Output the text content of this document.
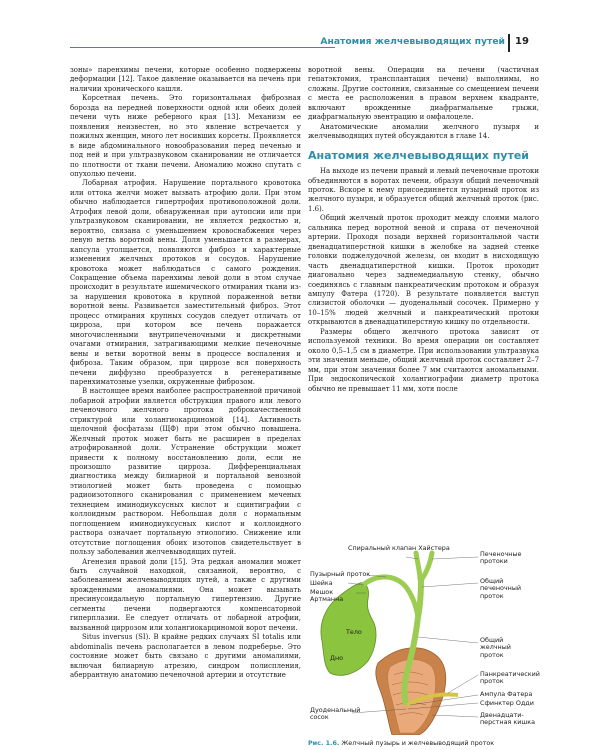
Анатомия желчевыводящих путей 19

зоны» паренхимы печени, которые особенно подвержены деформации [12]. Такое давление оказывается на печень при наличии хронического кашля.

Корсетная печень. Это горизонтальная фиброзная борозда на передней поверхности одной или обеих долей печени чуть ниже реберного края [13]. Механизм ее появления неизвестен, но это явление встречается у пожилых женщин, много лет носивших корсеты. Проявляется в виде абдоминального новообразования перед печенью и под ней и при ультразвуковом сканировании не отличается по плотности от ткани печени. Аномалию можно спутать с опухолью печени.

Лобарная атрофия. Нарушение портального кровотока или оттока желчи может вызвать атрофию доли. При этом обычно наблюдается гипертрофия противоположной доли. Атрофия левой доли, обнаруженная при аутопсии или при ультразвуковом сканировании, не является редкостью и, вероятно, связана с уменьшением кровоснабжения через левую ветвь воротной вены. Доля уменьшается в размерах, капсула утолщается, появляются фиброз и характерные изменения желчных протоков и сосудов. Нарушение кровотока может наблюдаться с самого рождения. Сокращение объема паренхимы левой доли в этом случае происходит в результате ишемического отмирания ткани из-за нарушения кровотока в крупной пораженной ветви воротной вены. Развивается заместительный фиброз. Этот процесс отмирания крупных сосудов следует отличать от цирроза, при котором все печень поражается многочисленными внутрипеченочными и дискретными очагами отмирания, затрагивающими мелкие печеночные вены и ветви воротной вены в процессе воспаления и фиброза. Таким образом, при циррозе вся поверхность печени диффузно преобразуется в регенеративные паренхиматозные узелки, окруженные фиброзом.

В настоящее время наиболее распространенной причиной лобарной атрофии является обструкция правого или левого печеночного желчного протока доброкачественной стриктурой или холангиокарциномой [14]. Активность щелочной фосфатазы (ЩФ) при этом обычно повышена. Желчный проток может быть не расширен в пределах атрофированной доли. Устранение обструкции может привести к полному восстановлению доли, если не произошло развитие цирроза. Дифференциальная диагностика между билиарной и портальной венозной этиологией может быть проведена с помощью радиоизотопного сканирования с применением меченых технецием иминодиуксусных кислот и сцинтиграфии с коллоидным раствором. Небольшая доля с нормальным поглощением иминодиуксусных кислот и коллоидного раствора означает портальную этиологию. Снижение или отсутствие поглощения обоих изотопов свидетельствует в пользу заболевания желчевыводящих путей.

Агенезия правой доли [15]. Эта редкая аномалия может быть случайной находкой, связанной, вероятно, с заболеванием желчевыводящих путей, а также с другими врожденными аномалиями. Она может вызывать пресинусоидальную портальную гипертензию. Другие сегменты печени подвергаются компенсаторной гиперплазии. Ее следует отличать от лобарной атрофии, вызванной циррозом или холангиокарциномой ворот печени.

Situs inversus (SI). В крайне редких случаях SI totalis или abdominalis печень располагается в левом подреберье. Это состояние может быть связано с другими аномалиями, включая билиарную атрезию, синдром полиспления, аберрантную анатомию печеночной артерии и отсутствие

воротной вены. Операции на печени (частичная гепатэктомия, трансплантация печени) выполнимы, но сложны. Другие состояния, связанные со смещением печени с места ее расположения в правом верхнем квадранте, включают врожденные диафрагмальные грыжи, диафрагмальную эвентрацию и омфалоцеле.

Анатомические аномалии желчного пузыря и желчевыводящих путей обсуждаются в главе 14.

Анатомия желчевыводящих путей

На выходе из печени правый и левый печеночные протоки объединяются в воротах печени, образуя общий печеночный проток. Вскоре к нему присоединяется пузырный проток из желчного пузыря, и образуется общий желчный проток (рис. 1.6).

Общий желчный проток проходит между слоями малого сальника перед воротной веной и справа от печеночной артерии. Проходя позади верхней горизонтальной части двенадцатиперстной кишки в желобке на задней стенке головки поджелудочной железы, он входит в нисходящую часть двенадцатиперстной кишки. Проток проходит диагонально через заднемедиальную стенку, обычно соединяясь с главным панкреатическим протоком и образуя ампулу Фатера (1720). В результате появляется выступ слизистой оболочки — дуоденальный сосочек. Примерно у 10–15% людей желчный и панкреатический протоки открываются в двенадцатиперстную кишку по отдельности.

Размеры общего желчного протока зависят от используемой техники. Во время операции он составляет около 0,5–1,5 см в диаметре. При использовании ультразвука эти значения меньше, общий желчный проток составляет 2–7 мм, при этом значения более 7 мм считаются аномальными. При эндоскопической холангиографии диаметр протока обычно не превышает 11 мм, хотя после

Спиральный клапан Хайстера
Печеночные
протоки
Пузырный проток
Шейка
Мешок
Артманна
Общий
печеночный
проток
Тело
Дно
Общий
желчный
проток
Панкреатический
проток
Ампула Фатера
Сфинктер Одди
Двенадцати-
перстная кишка
Дуоденальный
сосок
Рис. 1.6. Желчный пузырь и желчевыводящий проток
